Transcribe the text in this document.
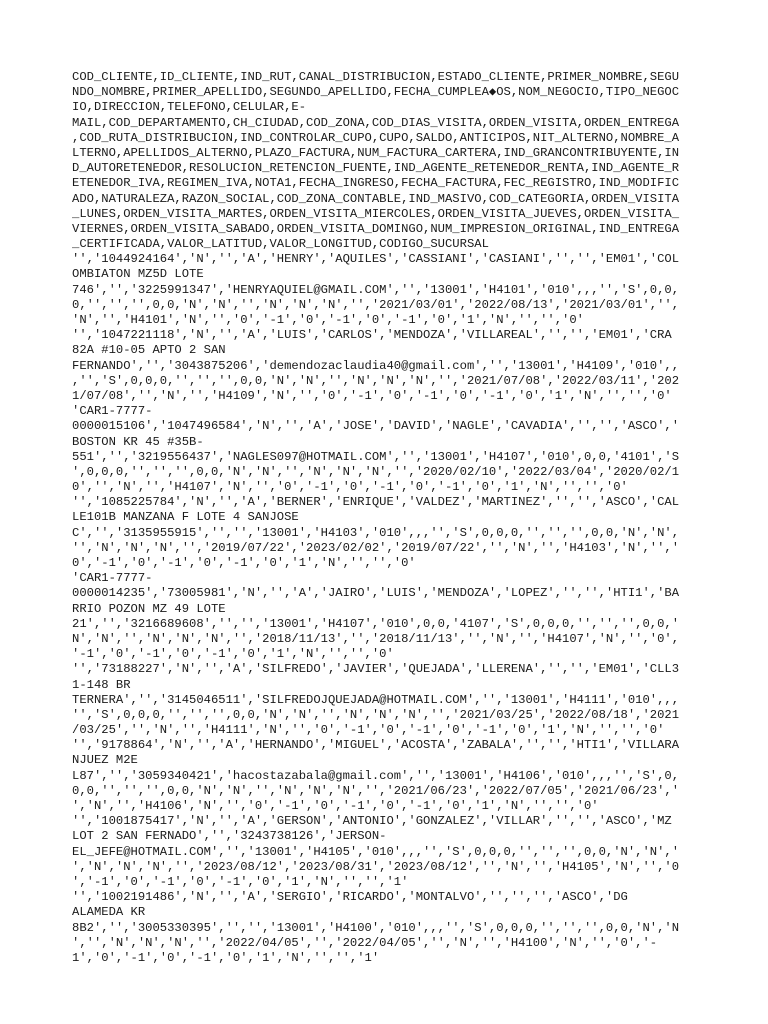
COD_CLIENTE,ID_CLIENTE,IND_RUT,CANAL_DISTRIBUCION,ESTADO_CLIENTE,PRIMER_NOMBRE,SEGU
NDO_NOMBRE,PRIMER_APELLIDO,SEGUNDO_APELLIDO,FECHA_CUMPLEA◆OS,NOM_NEGOCIO,TIPO_NEGOC
IO,DIRECCION,TELEFONO,CELULAR,E-
MAIL,COD_DEPARTAMENTO,CH_CIUDAD,COD_ZONA,COD_DIAS_VISITA,ORDEN_VISITA,ORDEN_ENTREGA
,COD_RUTA_DISTRIBUCION,IND_CONTROLAR_CUPO,CUPO,SALDO,ANTICIPOS,NIT_ALTERNO,NOMBRE_A
LTERNO,APELLIDOS_ALTERNO,PLAZO_FACTURA,NUM_FACTURA_CARTERA,IND_GRANCONTRIBUYENTE,IN
D_AUTORETENEDOR,RESOLUCION_RETENCION_FUENTE,IND_AGENTE_RETENEDOR_RENTA,IND_AGENTE_R
ETENEDOR_IVA,REGIMEN_IVA,NOTA1,FECHA_INGRESO,FECHA_FACTURA,FEC_REGISTRO,IND_MODIFIC
ADO,NATURALEZA,RAZON_SOCIAL,COD_ZONA_CONTABLE,IND_MASIVO,COD_CATEGORIA,ORDEN_VISITA
_LUNES,ORDEN_VISITA_MARTES,ORDEN_VISITA_MIERCOLES,ORDEN_VISITA_JUEVES,ORDEN_VISITA_
VIERNES,ORDEN_VISITA_SABADO,ORDEN_VISITA_DOMINGO,NUM_IMPRESION_ORIGINAL,IND_ENTREGA
_CERTIFICADA,VALOR_LATITUD,VALOR_LONGITUD,CODIGO_SUCURSAL
'','1044924164','N','','A','HENRY','AQUILES','CASSIANI','CASIANI','','','EM01','COL
OMBIATON MZ5D LOTE
746','','3225991347','HENRYAQUIEL@GMAIL.COM','','13001','H4101','010',,,'','S',0,0,
0,'','','',0,0,'N','N','','N','N','N','','2021/03/01','2022/08/13','2021/03/01','',
'N','','H4101','N','','0','-1','0','-1','0','-1','0','1','N','','','0'
'','1047221118','N','','A','LUIS','CARLOS','MENDOZA','VILLAREAL','','','EM01','CRA
82A #10-05 APTO 2 SAN
FERNANDO','','3043875206','demendozaclaudia40@gmail.com','','13001','H4109','010',,
,'','S',0,0,0,'','','',0,0,'N','N','','N','N','N','','2021/07/08','2022/03/11','202
1/07/08','','N','','H4109','N','','0','-1','0','-1','0','-1','0','1','N','','','0'
'CAR1-7777-
0000015106','1047496584','N','','A','JOSE','DAVID','NAGLE','CAVADIA','','','ASCO','
BOSTON KR 45 #35B-
551','','3219556437','NAGLES097@HOTMAIL.COM','','13001','H4107','010',0,0,'4101','S
',0,0,0,'','','',0,0,'N','N','','N','N','N','','2020/02/10','2022/03/04','2020/02/1
0','','N','','H4107','N','','0','-1','0','-1','0','-1','0','1','N','','','0'
'','1085225784','N','','A','BERNER','ENRIQUE','VALDEZ','MARTINEZ','','','ASCO','CAL
LE101B MANZANA F LOTE 4 SANJOSE
C','','3135955915','','','13001','H4103','010',,,'','S',0,0,0,'','','',0,0,'N','N',
'','N','N','N','','2019/07/22','2023/02/02','2019/07/22','','N','','H4103','N','','
0','-1','0','-1','0','-1','0','1','N','','','0'
'CAR1-7777-
0000014235','73005981','N','','A','JAIRO','LUIS','MENDOZA','LOPEZ','','','HTI1','BA
RRIO POZON MZ 49 LOTE
21','','3216689608','','','13001','H4107','010',0,0,'4107','S',0,0,0,'','','',0,0,'
N','N','','N','N','N','','2018/11/13','','2018/11/13','','N','','H4107','N','','0',
'-1','0','-1','0','-1','0','1','N','','','0'
'','73188227','N','','A','SILFREDO','JAVIER','QUEJADA','LLERENA','','','EM01','CLL3
1-148 BR
TERNERA','','3145046511','SILFREDOJQUEJADA@HOTMAIL.COM','','13001','H4111','010',,,
'','S',0,0,0,'','','',0,0,'N','N','','N','N','N','','2021/03/25','2022/08/18','2021
/03/25','','N','','H4111','N','','0','-1','0','-1','0','-1','0','1','N','','','0'
'','9178864','N','','A','HERNANDO','MIGUEL','ACOSTA','ZABALA','','','HTI1','VILLARA
NJUEZ M2E
L87','','3059340421','hacostazabala@gmail.com','','13001','H4106','010',,,'','S',0,
0,0,'','','',0,0,'N','N','','N','N','N','','2021/06/23','2022/07/05','2021/06/23','
','N','','H4106','N','','0','-1','0','-1','0','-1','0','1','N','','','0'
'','1001875417','N','','A','GERSON','ANTONIO','GONZALEZ','VILLAR','','','ASCO','MZ
LOT 2 SAN FERNADO','','3243738126','JERSON-
EL_JEFE@HOTMAIL.COM','','13001','H4105','010',,,'','S',0,0,0,'','','',0,0,'N','N','
','N','N','N','','2023/08/12','2023/08/31','2023/08/12','','N','','H4105','N','','0
','-1','0','-1','0','-1','0','1','N','','','1'
'','1002191486','N','','A','SERGIO','RICARDO','MONTALVO','','','','ASCO','DG
ALAMEDA KR
8B2','','3005330395','','','13001','H4100','010',,,'','S',0,0,0,'','','',0,0,'N','N
','','N','N','N','','2022/04/05','','2022/04/05','','N','','H4100','N','','0','-
1','0','-1','0','-1','0','1','N','','','1'
